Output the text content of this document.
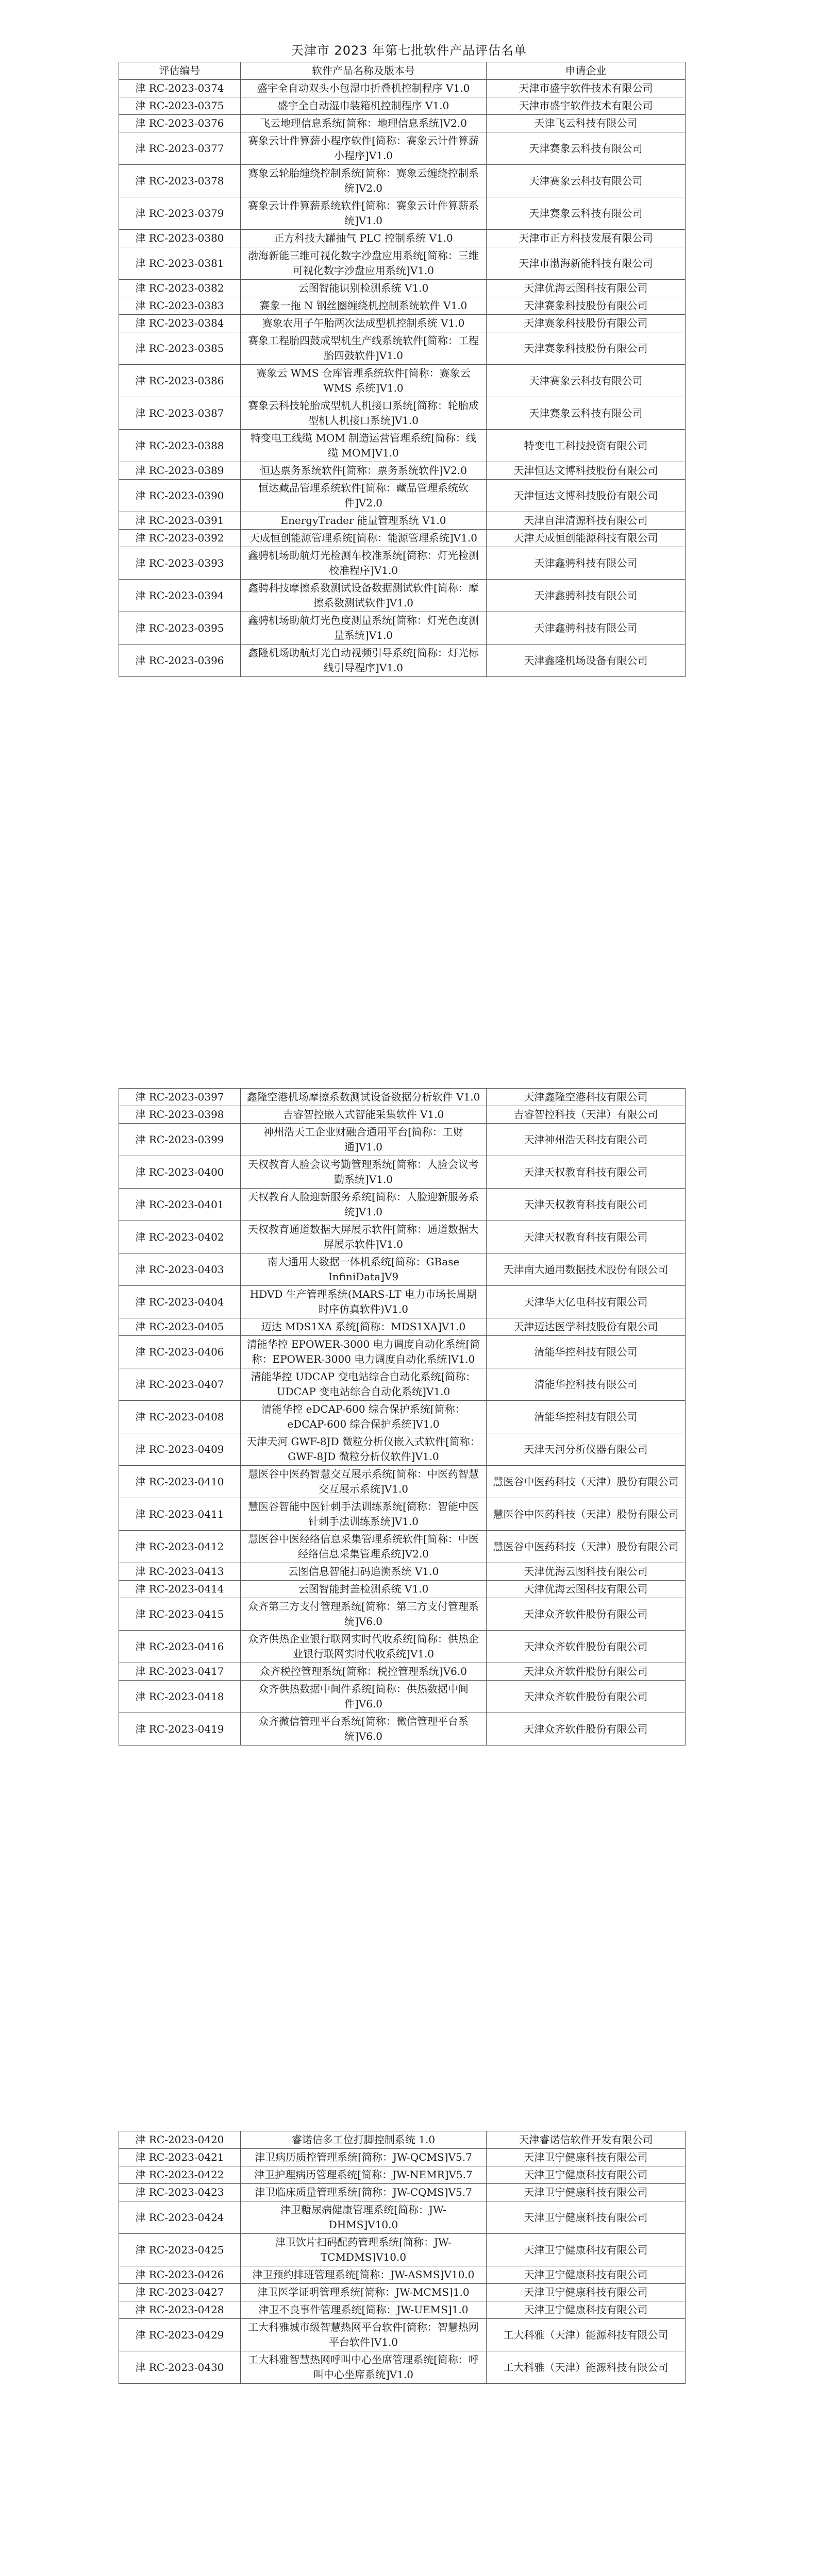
天津市 2023 年第七批软件产品评估名单
评估编号	软件产品名称及版本号	申请企业
津 RC-2023-0374	盛宇全自动双头小包湿巾折叠机控制程序 V1.0	天津市盛宇软件技术有限公司
津 RC-2023-0375	盛宇全自动湿巾装箱机控制程序 V1.0	天津市盛宇软件技术有限公司
津 RC-2023-0376	飞云地理信息系统[简称：地理信息系统]V2.0	天津飞云科技有限公司
津 RC-2023-0377	赛象云计件算薪小程序软件[简称：赛象云计件算薪小程序]V1.0	天津赛象云科技有限公司
津 RC-2023-0378	赛象云轮胎缠绕控制系统[简称：赛象云缠绕控制系统]V2.0	天津赛象云科技有限公司
津 RC-2023-0379	赛象云计件算薪系统软件[简称：赛象云计件算薪系统]V1.0	天津赛象云科技有限公司
津 RC-2023-0380	正方科技大罐抽气 PLC 控制系统 V1.0	天津市正方科技发展有限公司
津 RC-2023-0381	渤海新能三维可视化数字沙盘应用系统[简称：三维可视化数字沙盘应用系统]V1.0	天津市渤海新能科技有限公司
津 RC-2023-0382	云图智能识别检测系统 V1.0	天津优海云图科技有限公司
津 RC-2023-0383	赛象一拖 N 钢丝圈缠绕机控制系统软件 V1.0	天津赛象科技股份有限公司
津 RC-2023-0384	赛象农用子午胎两次法成型机控制系统 V1.0	天津赛象科技股份有限公司
津 RC-2023-0385	赛象工程胎四鼓成型机生产线系统软件[简称：工程胎四鼓软件]V1.0	天津赛象科技股份有限公司
津 RC-2023-0386	赛象云 WMS 仓库管理系统软件[简称：赛象云 WMS 系统]V1.0	天津赛象云科技有限公司
津 RC-2023-0387	赛象云科技轮胎成型机人机接口系统[简称：轮胎成型机人机接口系统]V1.0	天津赛象云科技有限公司
津 RC-2023-0388	特变电工线缆 MOM 制造运营管理系统[简称：线缆 MOM]V1.0	特变电工科技投资有限公司
津 RC-2023-0389	恒达票务系统软件[简称：票务系统软件]V2.0	天津恒达文博科技股份有限公司
津 RC-2023-0390	恒达藏品管理系统软件[简称：藏品管理系统软件]V2.0	天津恒达文博科技股份有限公司
津 RC-2023-0391	EnergyTrader 能量管理系统 V1.0	天津自津清源科技有限公司
津 RC-2023-0392	天成恒创能源管理系统[简称：能源管理系统]V1.0	天津天成恒创能源科技有限公司
津 RC-2023-0393	鑫骋机场助航灯光检测车校准系统[简称：灯光检测校准程序]V1.0	天津鑫骋科技有限公司
津 RC-2023-0394	鑫骋科技摩擦系数测试设备数据测试软件[简称：摩擦系数测试软件]V1.0	天津鑫骋科技有限公司
津 RC-2023-0395	鑫骋机场助航灯光色度测量系统[简称：灯光色度测量系统]V1.0	天津鑫骋科技有限公司
津 RC-2023-0396	鑫隆机场助航灯光自动视频引导系统[简称：灯光标线引导程序]V1.0	天津鑫隆机场设备有限公司
津 RC-2023-0397	鑫隆空港机场摩擦系数测试设备数据分析软件 V1.0	天津鑫隆空港科技有限公司
津 RC-2023-0398	吉睿智控嵌入式智能采集软件 V1.0	吉睿智控科技（天津）有限公司
津 RC-2023-0399	神州浩天工企业财融合通用平台[简称：工财通]V1.0	天津神州浩天科技有限公司
津 RC-2023-0400	天权教育人脸会议考勤管理系统[简称：人脸会议考勤系统]V1.0	天津天权教育科技有限公司
津 RC-2023-0401	天权教育人脸迎新服务系统[简称：人脸迎新服务系统]V1.0	天津天权教育科技有限公司
津 RC-2023-0402	天权教育通道数据大屏展示软件[简称：通道数据大屏展示软件]V1.0	天津天权教育科技有限公司
津 RC-2023-0403	南大通用大数据一体机系统[简称：GBase InfiniData]V9	天津南大通用数据技术股份有限公司
津 RC-2023-0404	HDVD 生产管理系统(MARS-LT 电力市场长周期时序仿真软件)V1.0	天津华大亿电科技有限公司
津 RC-2023-0405	迈达 MDS1XA 系统[简称：MDS1XA]V1.0	天津迈达医学科技股份有限公司
津 RC-2023-0406	清能华控 EPOWER-3000 电力调度自动化系统[简称：EPOWER-3000 电力调度自动化系统]V1.0	清能华控科技有限公司
津 RC-2023-0407	清能华控 UDCAP 变电站综合自动化系统[简称：UDCAP 变电站综合自动化系统]V1.0	清能华控科技有限公司
津 RC-2023-0408	清能华控 eDCAP-600 综合保护系统[简称：eDCAP-600 综合保护系统]V1.0	清能华控科技有限公司
津 RC-2023-0409	天津天河 GWF-8JD 微粒分析仪嵌入式软件[简称：GWF-8JD 微粒分析仪软件]V1.0	天津天河分析仪器有限公司
津 RC-2023-0410	慧医谷中医药智慧交互展示系统[简称：中医药智慧交互展示系统]V1.0	慧医谷中医药科技（天津）股份有限公司
津 RC-2023-0411	慧医谷智能中医针刺手法训练系统[简称：智能中医针刺手法训练系统]V1.0	慧医谷中医药科技（天津）股份有限公司
津 RC-2023-0412	慧医谷中医经络信息采集管理系统软件[简称：中医经络信息采集管理系统]V2.0	慧医谷中医药科技（天津）股份有限公司
津 RC-2023-0413	云图信息智能扫码追溯系统 V1.0	天津优海云图科技有限公司
津 RC-2023-0414	云图智能封盖检测系统 V1.0	天津优海云图科技有限公司
津 RC-2023-0415	众齐第三方支付管理系统[简称：第三方支付管理系统]V6.0	天津众齐软件股份有限公司
津 RC-2023-0416	众齐供热企业银行联网实时代收系统[简称：供热企业银行联网实时代收系统]V1.0	天津众齐软件股份有限公司
津 RC-2023-0417	众齐税控管理系统[简称：税控管理系统]V6.0	天津众齐软件股份有限公司
津 RC-2023-0418	众齐供热数据中间件系统[简称：供热数据中间件]V6.0	天津众齐软件股份有限公司
津 RC-2023-0419	众齐微信管理平台系统[简称：微信管理平台系统]V6.0	天津众齐软件股份有限公司
津 RC-2023-0420	睿诺信多工位打脚控制系统 1.0	天津睿诺信软件开发有限公司
津 RC-2023-0421	津卫病历质控管理系统[简称：JW-QCMS]V5.7	天津卫宁健康科技有限公司
津 RC-2023-0422	津卫护理病历管理系统[简称：JW-NEMR]V5.7	天津卫宁健康科技有限公司
津 RC-2023-0423	津卫临床质量管理系统[简称：JW-CQMS]V5.7	天津卫宁健康科技有限公司
津 RC-2023-0424	津卫糖尿病健康管理系统[简称：JW-DHMS]V10.0	天津卫宁健康科技有限公司
津 RC-2023-0425	津卫饮片扫码配药管理系统[简称：JW-TCMDMS]V10.0	天津卫宁健康科技有限公司
津 RC-2023-0426	津卫预约排班管理系统[简称：JW-ASMS]V10.0	天津卫宁健康科技有限公司
津 RC-2023-0427	津卫医学证明管理系统[简称：JW-MCMS]1.0	天津卫宁健康科技有限公司
津 RC-2023-0428	津卫不良事件管理系统[简称：JW-UEMS]1.0	天津卫宁健康科技有限公司
津 RC-2023-0429	工大科雅城市级智慧热网平台软件[简称：智慧热网平台软件]V1.0	工大科雅（天津）能源科技有限公司
津 RC-2023-0430	工大科雅智慧热网呼叫中心坐席管理系统[简称：呼叫中心坐席系统]V1.0	工大科雅（天津）能源科技有限公司
